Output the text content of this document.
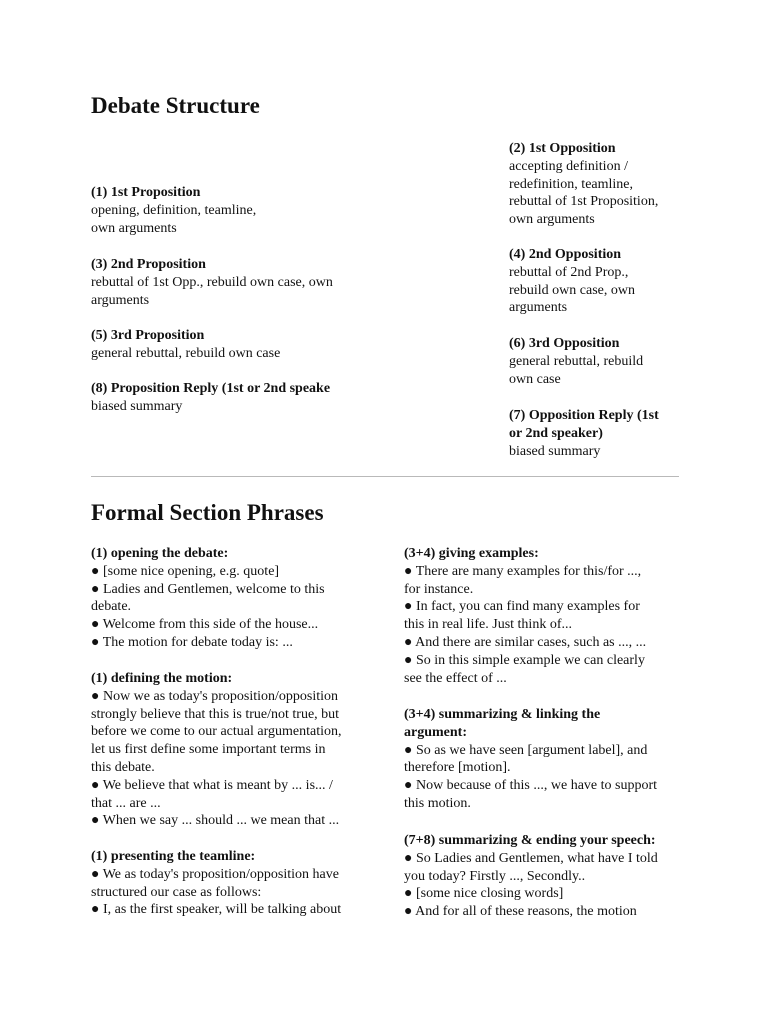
Debate Structure
(1) 1st Proposition
opening, definition, teamline,
own arguments
(3) 2nd Proposition
rebuttal of 1st Opp., rebuild own case, own
arguments
(5) 3rd Proposition
general rebuttal, rebuild own case
(8) Proposition Reply (1st or 2nd speake
biased summary
(2) 1st Opposition
accepting definition /
redefinition, teamline,
rebuttal of 1st Proposition,
own arguments
(4) 2nd Opposition
rebuttal of 2nd Prop.,
rebuild own case, own
arguments
(6) 3rd Opposition
general rebuttal, rebuild
own case
(7) Opposition Reply (1st
or 2nd speaker)
biased summary
Formal Section Phrases
(1) opening the debate:
● [some nice opening, e.g. quote]
● Ladies and Gentlemen, welcome to this
debate.
● Welcome from this side of the house...
● The motion for debate today is: ...
(1) defining the motion:
● Now we as today's proposition/opposition
strongly believe that this is true/not true, but
before we come to our actual argumentation,
let us first define some important terms in
this debate.
● We believe that what is meant by ... is... /
that ... are ...
● When we say ... should ... we mean that ...
(1) presenting the teamline:
● We as today's proposition/opposition have
structured our case as follows:
● I, as the first speaker, will be talking about
(3+4) giving examples:
● There are many examples for this/for ...,
for instance.
● In fact, you can find many examples for
this in real life. Just think of...
● And there are similar cases, such as ..., ...
● So in this simple example we can clearly
see the effect of ...
(3+4) summarizing & linking the
argument:
● So as we have seen [argument label], and
therefore [motion].
● Now because of this ..., we have to support
this motion.
(7+8) summarizing & ending your speech:
● So Ladies and Gentlemen, what have I told
you today? Firstly ..., Secondly..
● [some nice closing words]
● And for all of these reasons, the motion
